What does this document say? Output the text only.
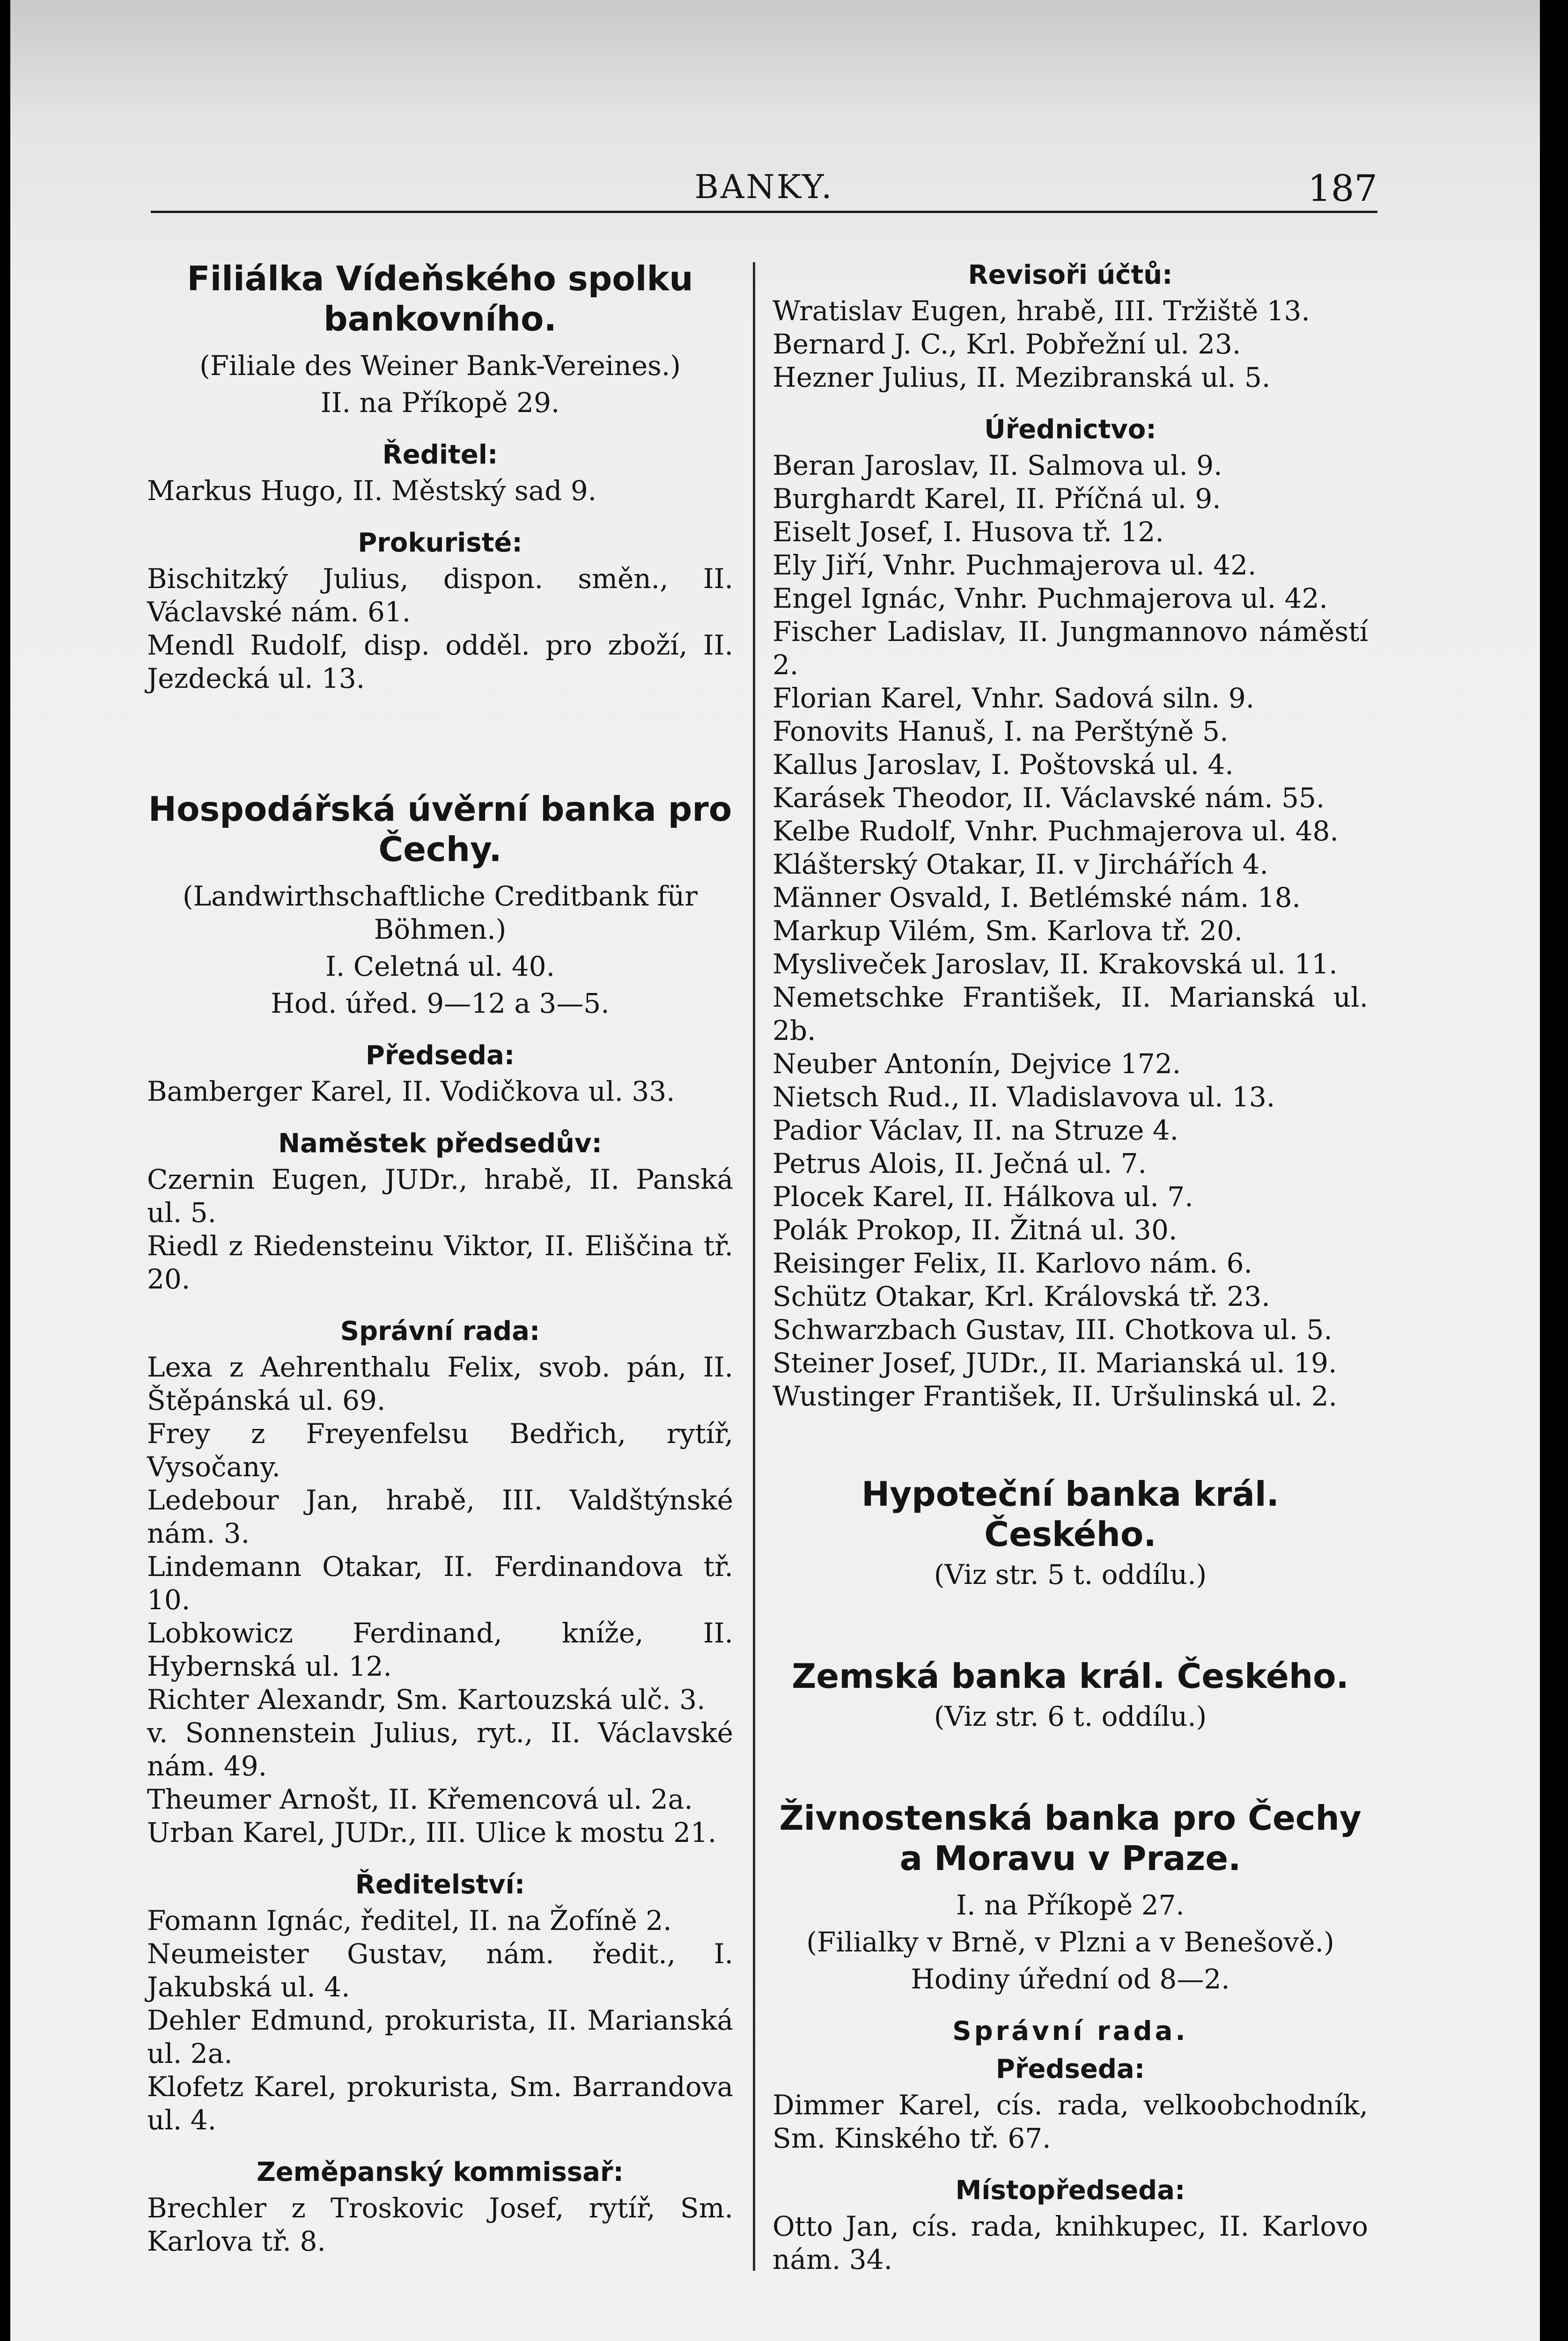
BANKY.	187
Filiálka Vídeňského spolku bankovního.
(Filiale des Weiner Bank-Vereines.)
II. na Příkopě 29.
Ředitel:

Markus Hugo, II. Městský sad 9.

Prokuristé:

Bischitzký Julius, dispon. směn., II. Václavské nám. 61.

Mendl Rudolf, disp. odděl. pro zboží, II. Jezdecká ul. 13.

Hospodářská úvěrní banka pro Čechy.
(Landwirthschaftliche Creditbank für Böhmen.)
I. Celetná ul. 40.
Hod. úřed. 9—12 a 3—5.
Předseda:

Bamberger Karel, II. Vodičkova ul. 33.

Naměstek předsedův:

Czernin Eugen, JUDr., hrabě, II. Panská ul. 5.

Riedl z Riedensteinu Viktor, II. Eliščina tř. 20.

Správní rada:

Lexa z Aehrenthalu Felix, svob. pán, II. Štěpánská ul. 69.

Frey z Freyenfelsu Bedřich, rytíř, Vysočany.

Ledebour Jan, hrabě, III. Valdštýnské nám. 3.

Lindemann Otakar, II. Ferdinandova tř. 10.

Lobkowicz Ferdinand, kníže, II. Hybernská ul. 12.

Richter Alexandr, Sm. Kartouzská ulč. 3.

v. Sonnenstein Julius, ryt., II. Václavské nám. 49.

Theumer Arnošt, II. Křemencová ul. 2a.

Urban Karel, JUDr., III. Ulice k mostu 21.

Ředitelství:

Fomann Ignác, ředitel, II. na Žofíně 2.

Neumeister Gustav, nám. ředit., I. Jakubská ul. 4.

Dehler Edmund, prokurista, II. Marianská ul. 2a.

Klofetz Karel, prokurista, Sm. Barrandova ul. 4.

Zeměpanský kommissař:

Brechler z Troskovic Josef, rytíř, Sm. Karlova tř. 8.

Revisoři účtů:

Wratislav Eugen, hrabě, III. Tržiště 13.

Bernard J. C., Krl. Pobřežní ul. 23.

Hezner Julius, II. Mezibranská ul. 5.

Úřednictvo:

Beran Jaroslav, II. Salmova ul. 9.

Burghardt Karel, II. Příčná ul. 9.

Eiselt Josef, I. Husova tř. 12.

Ely Jiří, Vnhr. Puchmajerova ul. 42.

Engel Ignác, Vnhr. Puchmajerova ul. 42.

Fischer Ladislav, II. Jungmannovo náměstí 2.

Florian Karel, Vnhr. Sadová siln. 9.

Fonovits Hanuš, I. na Perštýně 5.

Kallus Jaroslav, I. Poštovská ul. 4.

Karásek Theodor, II. Václavské nám. 55.

Kelbe Rudolf, Vnhr. Puchmajerova ul. 48.

Klášterský Otakar, II. v Jirchářích 4.

Männer Osvald, I. Betlémské nám. 18.

Markup Vilém, Sm. Karlova tř. 20.

Mysliveček Jaroslav, II. Krakovská ul. 11.

Nemetschke František, II. Marianská ul. 2b.

Neuber Antonín, Dejvice 172.

Nietsch Rud., II. Vladislavova ul. 13.

Padior Václav, II. na Struze 4.

Petrus Alois, II. Ječná ul. 7.

Plocek Karel, II. Hálkova ul. 7.

Polák Prokop, II. Žitná ul. 30.

Reisinger Felix, II. Karlovo nám. 6.

Schütz Otakar, Krl. Královská tř. 23.

Schwarzbach Gustav, III. Chotkova ul. 5.

Steiner Josef, JUDr., II. Marianská ul. 19.

Wustinger František, II. Uršulinská ul. 2.

Hypoteční banka král. Českého.
(Viz str. 5 t. oddílu.)
Zemská banka král. Českého.
(Viz str. 6 t. oddílu.)
Živnostenská banka pro Čechy a Moravu v Praze.
I. na Příkopě 27.
(Filialky v Brně, v Plzni a v Benešově.)
Hodiny úřední od 8—2.
Správní rada.
Předseda:

Dimmer Karel, cís. rada, velkoobchodník, Sm. Kinského tř. 67.

Místopředseda:

Otto Jan, cís. rada, knihkupec, II. Karlovo nám. 34.
